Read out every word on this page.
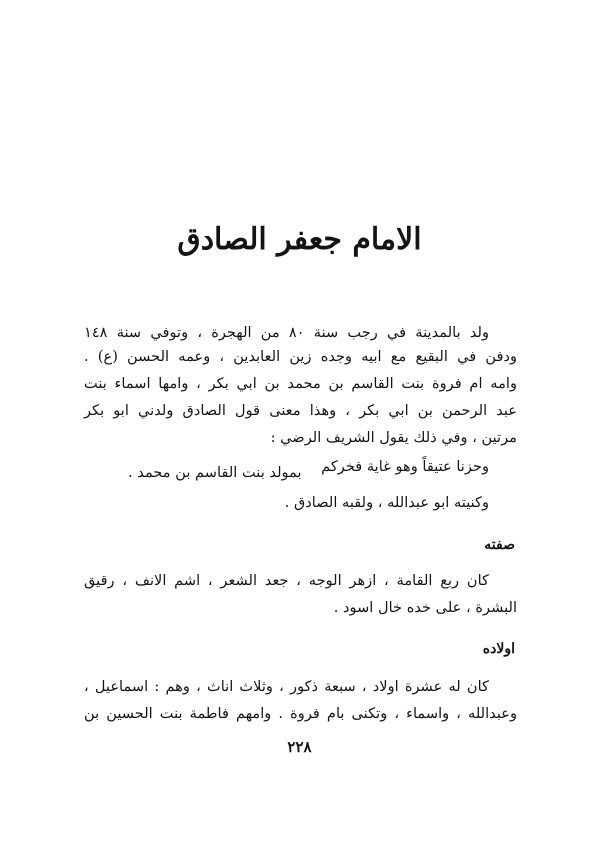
الامام جعفر الصادق
ولد بالمدينة في رجب سنة ٨٠ من الهجرة ، وتوفي سنة ١٤٨
ودفن في البقيع مع ابيه وجده زين العابدين ، وعمه الحسن (ع) .
وامه ام فروة بنت القاسم بن محمد بن ابي بكر ، وامها اسماء بنت
عبد الرحمن بن ابي بكر ، وهذا معنى قول الصادق ولدني ابو بكر
مرتين ، وفي ذلك يقول الشريف الرضي :
وحزنا عتيقاً وهو غاية فخركم
بمولد بنت القاسم بن محمد .
وكنيته ابو عبدالله ، ولقبه الصادق .
صفته
كان ربع القامة ، ازهر الوجه ، جعد الشعر ، اشم الانف ، رقيق
البشرة ، على خده خال اسود .
اولاده
كان له عشرة اولاد ، سبعة ذكور ، وثلاث اناث ، وهم : اسماعيل ،
وعبدالله ، واسماء ، وتكنى بام فروة . وامهم فاطمة بنت الحسين بن
٢٢٨
